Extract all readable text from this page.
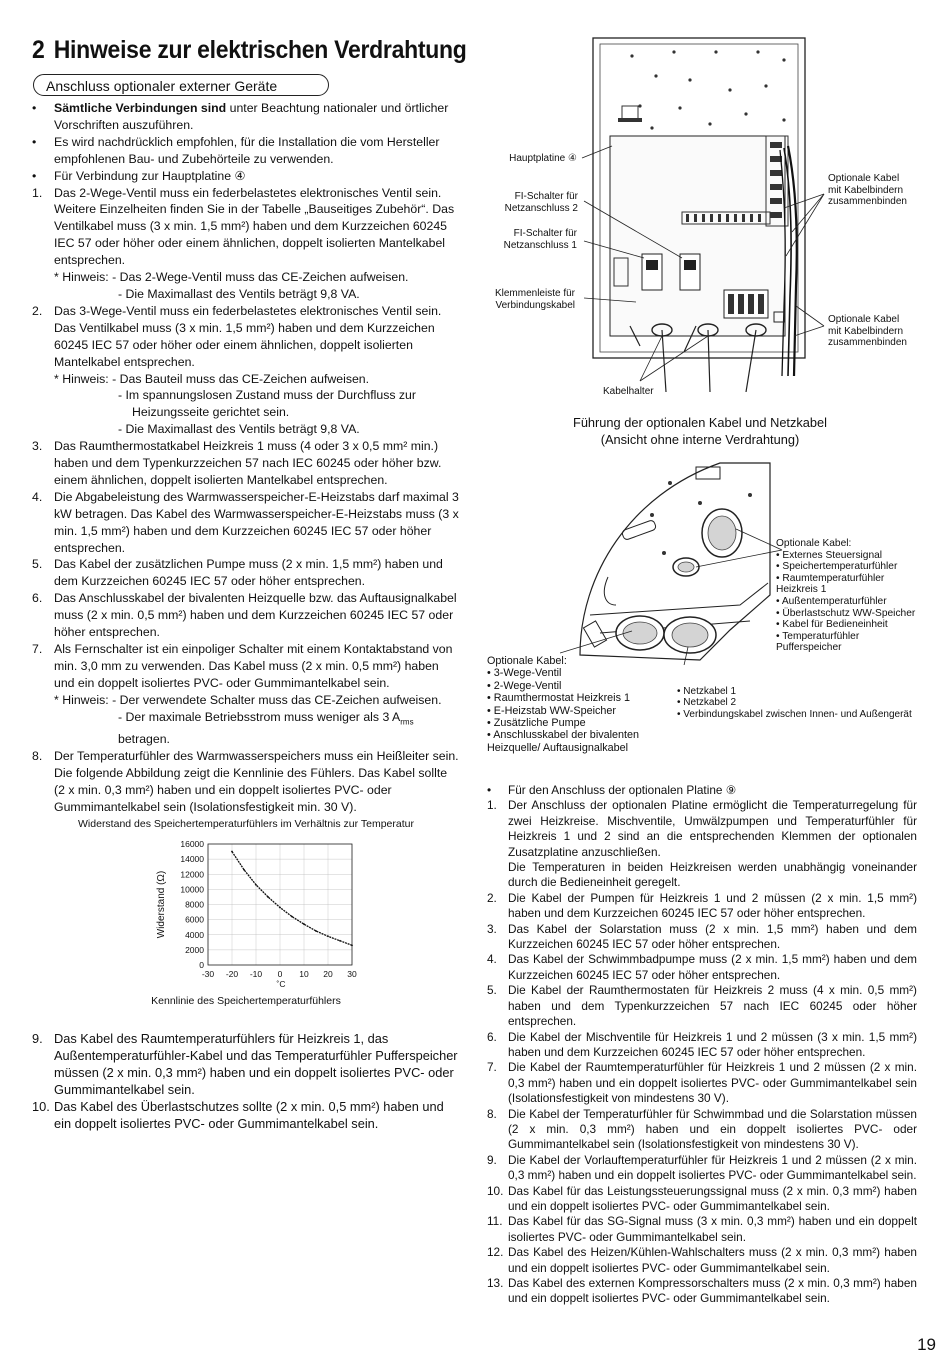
2 Hinweise zur elektrischen Verdrahtung
Anschluss optionaler externer Geräte
•	Sämtliche Verbindungen sind unter Beachtung nationaler und örtlicher Vorschriften auszuführen.
•	Es wird nachdrücklich empfohlen, für die Installation die vom Hersteller empfohlenen Bau- und Zubehörteile zu verwenden.
•	Für Verbindung zur Hauptplatine ④
1. Das 2-Wege-Ventil muss ein federbelastetes elektronisches Ventil sein. Weitere Einzelheiten finden Sie in der Tabelle „Bauseitiges Zubehör“. Das Ventilkabel muss (3 x min. 1,5 mm²) haben und dem Kurzzeichen 60245 IEC 57 oder höher oder einem ähnlichen, doppelt isolierten Mantelkabel entsprechen.
* Hinweis: - Das 2-Wege-Ventil muss das CE-Zeichen aufweisen.
- Die Maximallast des Ventils beträgt 9,8 VA.
2. Das 3-Wege-Ventil muss ein federbelastetes elektronisches Ventil sein. Das Ventilkabel muss (3 x min. 1,5 mm²) haben und dem Kurzzeichen 60245 IEC 57 oder höher oder einem ähnlichen, doppelt isolierten Mantelkabel entsprechen.
* Hinweis: - Das Bauteil muss das CE-Zeichen aufweisen.
- Im spannungslosen Zustand muss der Durchfluss zur
Heizungsseite gerichtet sein.
- Die Maximallast des Ventils beträgt 9,8 VA.
3. Das Raumthermostatkabel Heizkreis 1 muss (4 oder 3 x 0,5 mm² min.) haben und dem Typenkurzzeichen 57 nach IEC 60245 oder höher bzw. einem ähnlichen, doppelt isolierten Mantelkabel entsprechen.
4. Die Abgabeleistung des Warmwasserspeicher-E-Heizstabs darf maximal 3 kW betragen. Das Kabel des Warmwasserspeicher-E-Heizstabs muss (3 x min. 1,5 mm²) haben und dem Kurzzeichen 60245 IEC 57 oder höher entsprechen.
5. Das Kabel der zusätzlichen Pumpe muss (2 x min. 1,5 mm²) haben und dem Kurzzeichen 60245 IEC 57 oder höher entsprechen.
6. Das Anschlusskabel der bivalenten Heizquelle bzw. das Auftausignalkabel muss (2 x min. 0,5 mm²) haben und dem Kurzzeichen 60245 IEC 57 oder höher entsprechen.
7. Als Fernschalter ist ein einpoliger Schalter mit einem Kontaktabstand von min. 3,0 mm zu verwenden. Das Kabel muss (2 x min. 0,5 mm²) haben und ein doppelt isoliertes PVC- oder Gummimantelkabel sein.
* Hinweis: - Der verwendete Schalter muss das CE-Zeichen aufweisen.
- Der maximale Betriebsstrom muss weniger als 3 $A_{rms}$ betragen.
8. Der Temperaturfühler des Warmwasserspeichers muss ein Heißleiter sein. Die folgende Abbildung zeigt die Kennlinie des Fühlers. Das Kabel sollte (2 x min. 0,3 mm²) haben und ein doppelt isoliertes PVC- oder Gummimantelkabel sein (Isolationsfestigkeit min. 30 V).
Widerstand des Speichertemperaturfühlers im Verhältnis zur Temperatur
0
2000
4000
6000
8000
10000
12000
14000
16000
-30 -20 -10 0 10 20 30
˚C
Widerstand (Ω)
Kennlinie des Speichertemperaturfühlers
9. Das Kabel des Raumtemperaturfühlers für Heizkreis 1, das Außentemperaturfühler-Kabel und das Temperaturfühler Pufferspeicher müssen (2 x min. 0,3 mm²) haben und ein doppelt isoliertes PVC- oder Gummimantelkabel sein.
10. Das Kabel des Überlastschutzes sollte (2 x min. 0,5 mm²) haben und ein doppelt isoliertes PVC- oder Gummimantelkabel sein.
Hauptplatine ④
FI-Schalter für
Netzanschluss 2
FI-Schalter für
Netzanschluss 1
Klemmenleiste für
Verbindungskabel
Kabelhalter
Optionale Kabel
mit Kabelbindern
zusammenbinden
Optionale Kabel
mit Kabelbindern
zusammenbinden
Führung der optionalen Kabel und Netzkabel
(Ansicht ohne interne Verdrahtung)
Optionale Kabel:
• Externes Steuersignal
• Speichertemperaturfühler
• Raumtemperaturfühler Heizkreis 1
• Außentemperaturfühler
• Überlastschutz WW-Speicher
• Kabel für Bedieneinheit
• Temperaturfühler Pufferspeicher
Optionale Kabel:
• 3-Wege-Ventil
• 2-Wege-Ventil
• Raumthermostat Heizkreis 1
• E-Heizstab WW-Speicher
• Zusätzliche Pumpe
• Anschlusskabel der bivalenten Heizquelle/ Auftausignalkabel
• Netzkabel 1
• Netzkabel 2
• Verbindungskabel zwischen Innen- und Außengerät
•	Für den Anschluss der optionalen Platine ⑨
1. Der Anschluss der optionalen Platine ermöglicht die Temperaturregelung für zwei Heizkreise. Mischventile, Umwälzpumpen und Temperaturfühler für Heizkreis 1 und 2 sind an die entsprechenden Klemmen der optionalen Zusatzplatine anzuschließen.
Die Temperaturen in beiden Heizkreisen werden unabhängig voneinander durch die Bedieneinheit geregelt.
2. Die Kabel der Pumpen für Heizkreis 1 und 2 müssen (2 x min. 1,5 mm²) haben und dem Kurzzeichen 60245 IEC 57 oder höher entsprechen.
3. Das Kabel der Solarstation muss (2 x min. 1,5 mm²) haben und dem Kurzzeichen 60245 IEC 57 oder höher entsprechen.
4. Das Kabel der Schwimmbadpumpe muss (2 x min. 1,5 mm²) haben und dem Kurzzeichen 60245 IEC 57 oder höher entsprechen.
5. Die Kabel der Raumthermostaten für Heizkreis 2 muss (4 x min. 0,5 mm²) haben und dem Typenkurzzeichen 57 nach IEC 60245 oder höher entsprechen.
6. Die Kabel der Mischventile für Heizkreis 1 und 2 müssen (3 x min. 1,5 mm²) haben und dem Kurzzeichen 60245 IEC 57 oder höher entsprechen.
7. Die Kabel der Raumtemperaturfühler für Heizkreis 1 und 2 müssen (2 x min. 0,3 mm²) haben und ein doppelt isoliertes PVC- oder Gummimantelkabel sein (Isolationsfestigkeit von mindestens 30 V).
8. Die Kabel der Temperaturfühler für Schwimmbad und die Solarstation müssen (2 x min. 0,3 mm²) haben und ein doppelt isoliertes PVC- oder Gummimantelkabel sein (Isolationsfestigkeit von mindestens 30 V).
9. Die Kabel der Vorlauftemperaturfühler für Heizkreis 1 und 2 müssen (2 x min. 0,3 mm²) haben und ein doppelt isoliertes PVC- oder Gummimantelkabel sein.
10. Das Kabel für das Leistungssteuerungssignal muss (2 x min. 0,3 mm²) haben und ein doppelt isoliertes PVC- oder Gummimantelkabel sein.
11. Das Kabel für das SG-Signal muss (3 x min. 0,3 mm²) haben und ein doppelt isoliertes PVC- oder Gummimantelkabel sein.
12. Das Kabel des Heizen/Kühlen-Wahlschalters muss (2 x min. 0,3 mm²) haben und ein doppelt isoliertes PVC- oder Gummimantelkabel sein.
13. Das Kabel des externen Kompressorschalters muss (2 x min. 0,3 mm²) haben und ein doppelt isoliertes PVC- oder Gummimantelkabel sein.
19
